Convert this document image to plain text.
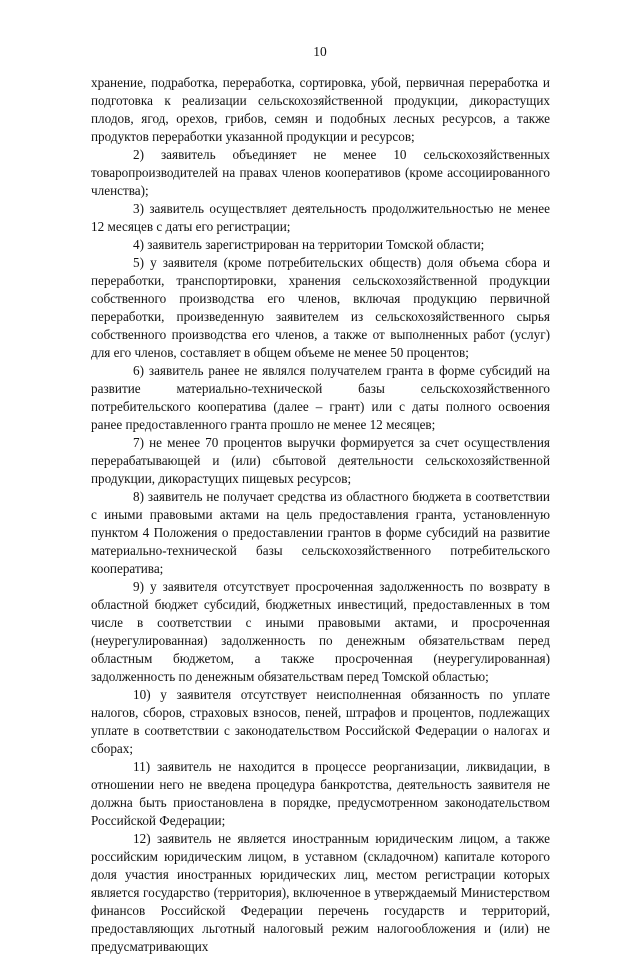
10

хранение, подработка, переработка, сортировка, убой, первичная переработка и подготовка к реализации сельскохозяйственной продукции, дикорастущих плодов, ягод, орехов, грибов, семян и подобных лесных ресурсов, а также продуктов переработки указанной продукции и ресурсов;

2) заявитель объединяет не менее 10 сельскохозяйственных товаропроизводителей на правах членов кооперативов (кроме ассоциированного членства);

3) заявитель осуществляет деятельность продолжительностью не менее 12 месяцев с даты его регистрации;

4) заявитель зарегистрирован на территории Томской области;

5) у заявителя (кроме потребительских обществ) доля объема сбора и переработки, транспортировки, хранения сельскохозяйственной продукции собственного производства его членов, включая продукцию первичной переработки, произведенную заявителем из сельскохозяйственного сырья собственного производства его членов, а также от выполненных работ (услуг) для его членов, составляет в общем объеме не менее 50 процентов;

6) заявитель ранее не являлся получателем гранта в форме субсидий на развитие материально-технической базы сельскохозяйственного потребительского кооператива (далее – грант) или с даты полного освоения ранее предоставленного гранта прошло не менее 12 месяцев;

7) не менее 70 процентов выручки формируется за счет осуществления перерабатывающей и (или) сбытовой деятельности сельскохозяйственной продукции, дикорастущих пищевых ресурсов;

8) заявитель не получает средства из областного бюджета в соответствии с иными правовыми актами на цель предоставления гранта, установленную пунктом 4 Положения о предоставлении грантов в форме субсидий на развитие материально-технической базы сельскохозяйственного потребительского кооператива;

9) у заявителя отсутствует просроченная задолженность по возврату в областной бюджет субсидий, бюджетных инвестиций, предоставленных в том числе в соответствии с иными правовыми актами, и просроченная (неурегулированная) задолженность по денежным обязательствам перед областным бюджетом, а также просроченная (неурегулированная) задолженность по денежным обязательствам перед Томской областью;

10) у заявителя отсутствует неисполненная обязанность по уплате налогов, сборов, страховых взносов, пеней, штрафов и процентов, подлежащих уплате в соответствии с законодательством Российской Федерации о налогах и сборах;

11) заявитель не находится в процессе реорганизации, ликвидации, в отношении него не введена процедура банкротства, деятельность заявителя не должна быть приостановлена в порядке, предусмотренном законодательством Российской Федерации;

12) заявитель не является иностранным юридическим лицом, а также российским юридическим лицом, в уставном (складочном) капитале которого доля участия иностранных юридических лиц, местом регистрации которых является государство (территория), включенное в утверждаемый Министерством финансов Российской Федерации перечень государств и территорий, предоставляющих льготный налоговый режим налогообложения и (или) не предусматривающих
